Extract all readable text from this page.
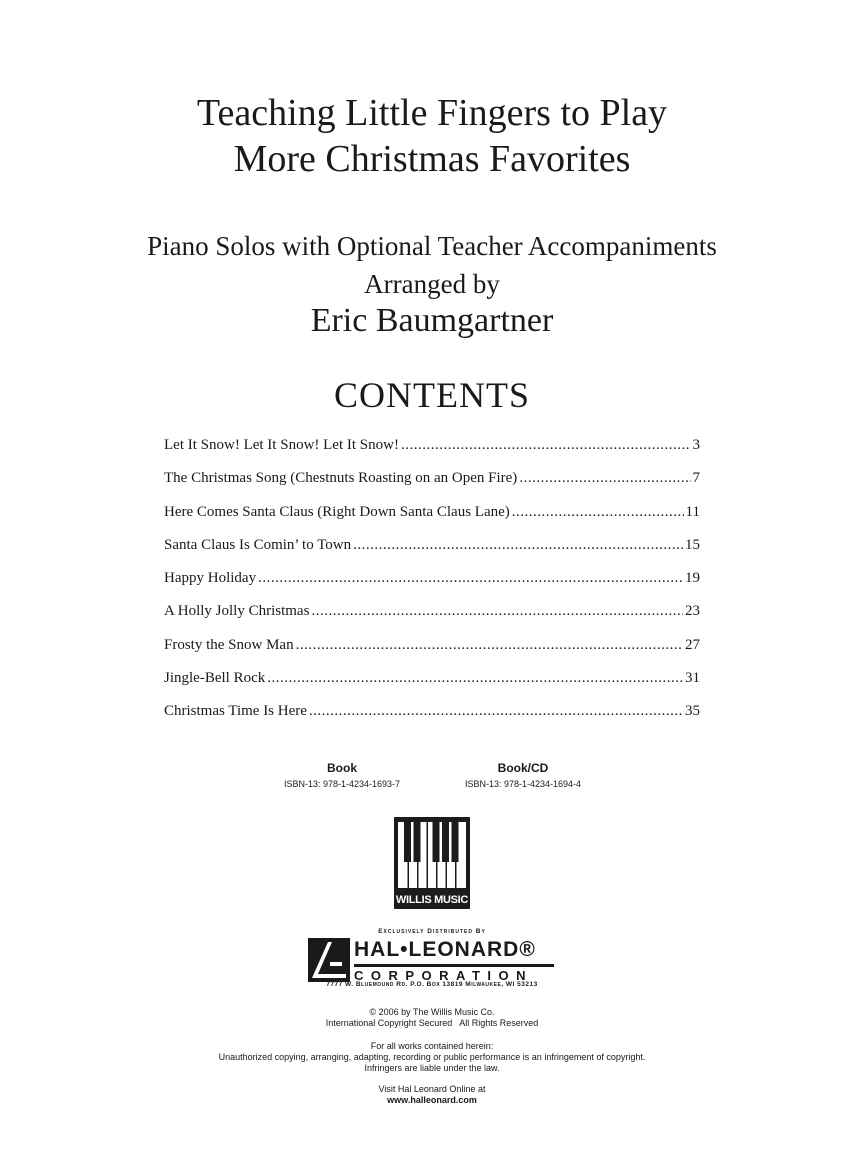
Teaching Little Fingers to Play
More Christmas Favorites
Piano Solos with Optional Teacher Accompaniments
Arranged by
Eric Baumgartner
CONTENTS
Let It Snow! Let It Snow! Let It Snow! .....	3
The Christmas Song (Chestnuts Roasting on an Open Fire) .....	7
Here Comes Santa Claus (Right Down Santa Claus Lane) .....	11
Santa Claus Is Comin’ to Town .....	15
Happy Holiday .....	19
A Holly Jolly Christmas .....	23
Frosty the Snow Man .....	27
Jingle-Bell Rock .....	31
Christmas Time Is Here .....	35
Book
ISBN-13: 978-1-4234-1693-7
Book/CD
ISBN-13: 978-1-4234-1694-4
WILLIS MUSIC
Exclusively Distributed By
HAL•LEONARD®
CORPORATION
7777 W. Bluemound Rd. P.O. Box 13819 Milwaukee, WI 53213
© 2006 by The Willis Music Co.
International Copyright Secured   All Rights Reserved
For all works contained herein:
Unauthorized copying, arranging, adapting, recording or public performance is an infringement of copyright.
Infringers are liable under the law.
Visit Hal Leonard Online at
www.halleonard.com
